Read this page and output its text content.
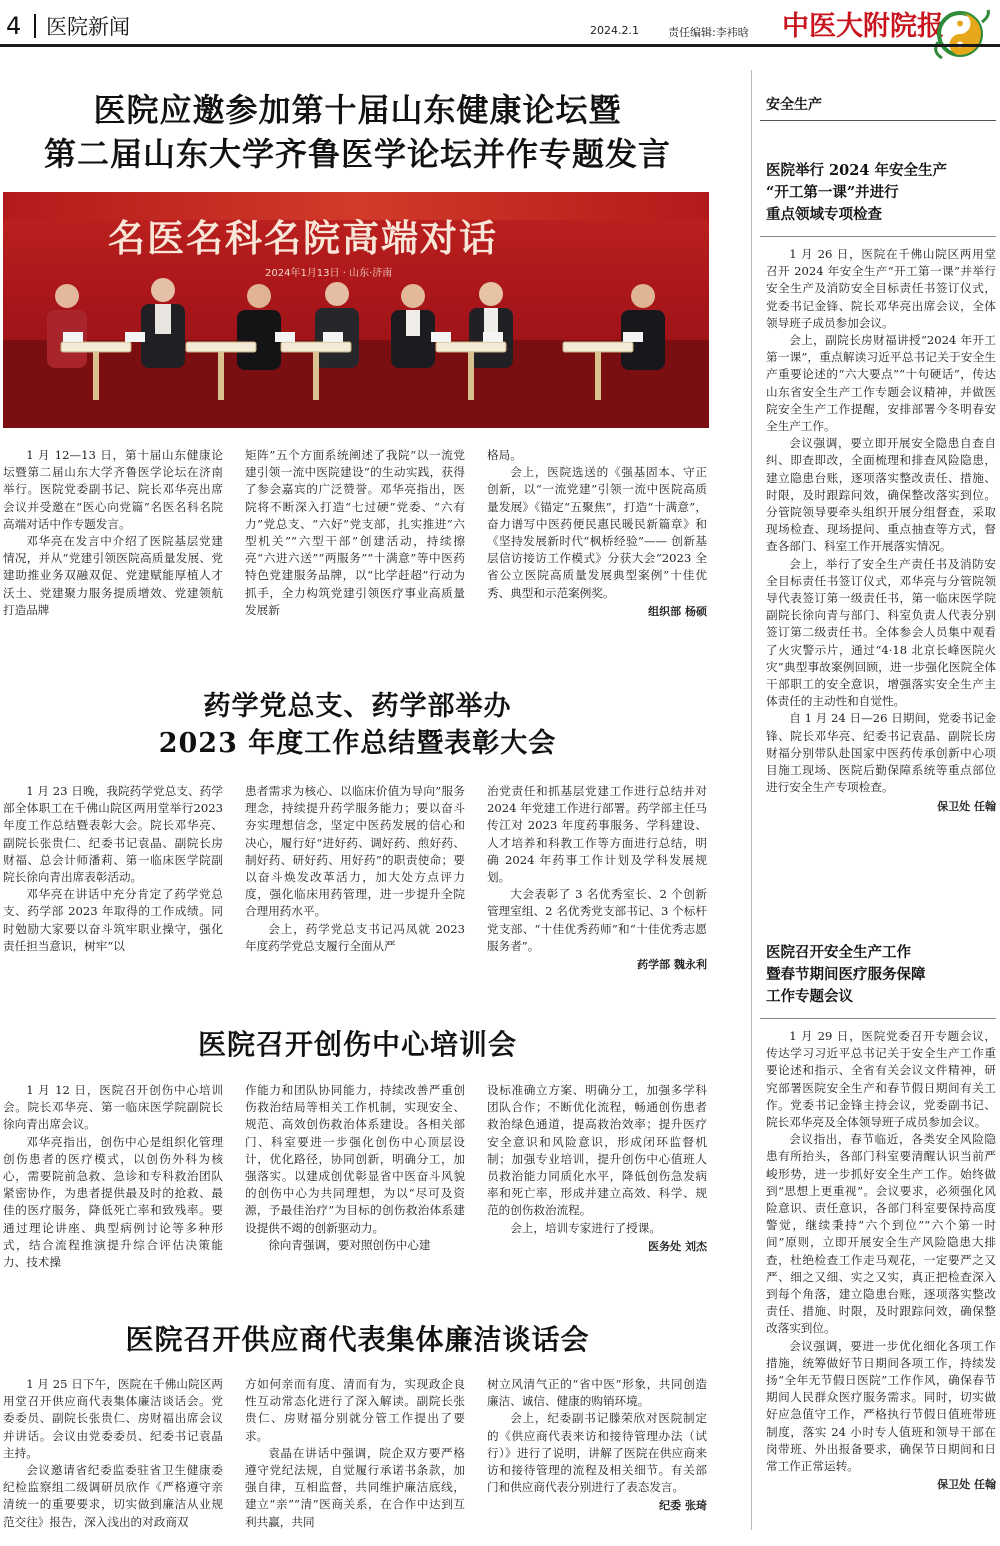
4 医院新闻	2024.2.1	责任编辑:李袆晗 中医大附院报
医院应邀参加第十届山东健康论坛暨
第二届山东大学齐鲁医学论坛并作专题发言
名医名科名院高端对话
2024年1月13日 · 山东·济南

1 月 12—13 日，第十届山东健康论坛暨第二届山东大学齐鲁医学论坛在济南举行。医院党委副书记、院长邓华亮出席会议并受邀在“医心向党篇”名医名科名院高端对话中作专题发言。

邓华亮在发言中介绍了医院基层党建情况，并从“党建引领医院高质量发展、党建助推业务双融双促、党建赋能厚植人才沃土、党建聚力服务提质增效、党建领航打造品牌

矩阵”五个方面系统阐述了我院“以一流党建引领一流中医院建设”的生动实践，获得了参会嘉宾的广泛赞誉。邓华亮指出，医院将不断深入打造“七过硬”党委、“六有力”党总支、“六好”党支部，扎实推进“六型机关”“六型干部”创建活动，持续擦亮“六进六送”“两服务”“十满意”等中医药特色党建服务品牌，以“比学赶超”行动为抓手，全力构筑党建引领医疗事业高质量发展新

格局。

会上，医院选送的《强基固本、守正创新，以“一流党建”引领一流中医院高质量发展》《锚定“五聚焦”，打造“十满意”，奋力谱写中医药便民惠民暖民新篇章》和《坚持发展新时代“枫桥经验”—— 创新基层信访接访工作模式》分获大会“2023 全省公立医院高质量发展典型案例”十佳优秀、典型和示范案例奖。

组织部 杨硕
药学党总支、药学部举办
2023 年度工作总结暨表彰大会

1 月 23 日晚，我院药学党总支、药学部全体职工在千佛山院区两用堂举行2023 年度工作总结暨表彰大会。院长邓华亮、副院长张贵仁、纪委书记袁晶、副院长房财福、总会计师潘莉、第一临床医学院副院长徐向青出席表彰活动。

邓华亮在讲话中充分肯定了药学党总支、药学部 2023 年取得的工作成绩。同时勉励大家要以奋斗筑牢职业操守，强化责任担当意识，树牢“以

患者需求为核心、以临床价值为导向”服务理念，持续提升药学服务能力；要以奋斗夯实理想信念，坚定中医药发展的信心和决心，履行好“进好药、调好药、煎好药、制好药、研好药、用好药”的职责使命；要以奋斗焕发改革活力，加大处方点评力度，强化临床用药管理，进一步提升全院合理用药水平。

会上，药学党总支书记冯凤就 2023 年度药学党总支履行全面从严

治党责任和抓基层党建工作进行总结并对 2024 年党建工作进行部署。药学部主任马传江对 2023 年度药事服务、学科建设、人才培养和科教工作等方面进行总结，明确 2024 年药事工作计划及学科发展规划。

大会表彰了 3 名优秀室长、2 个创新管理室组、2 名优秀党支部书记、3 个标杆党支部、“十佳优秀药师”和“十佳优秀志愿服务者”。

药学部 魏永利
医院召开创伤中心培训会

1 月 12 日，医院召开创伤中心培训会。院长邓华亮、第一临床医学院副院长徐向青出席会议。

邓华亮指出，创伤中心是组织化管理创伤患者的医疗模式，以创伤外科为核心，需要院前急救、急诊和专科救治团队紧密协作，为患者提供最及时的抢救、最佳的医疗服务，降低死亡率和致残率。要通过理论讲座、典型病例讨论等多种形式，结合流程推演提升综合评估决策能力、技术操

作能力和团队协同能力，持续改善严重创伤救治结局等相关工作机制，实现安全、规范、高效创伤救治体系建设。各相关部门、科室要进一步强化创伤中心顶层设计，优化路径，协同创新，明确分工，加强落实。以建成创优彰显省中医奋斗风貌的创伤中心为共同理想，为以“尽可及资源，予最佳治疗”为目标的创伤救治体系建设提供不竭的创新驱动力。

徐向青强调，要对照创伤中心建

设标准确立方案、明确分工，加强多学科团队合作；不断优化流程，畅通创伤患者救治绿色通道，提高救治效率；提升医疗安全意识和风险意识，形成闭环监督机制；加强专业培训，提升创伤中心值班人员救治能力同质化水平，降低创伤急发病率和死亡率，形成并建立高效、科学、规范的创伤救治流程。

会上，培训专家进行了授课。

医务处 刘杰
医院召开供应商代表集体廉洁谈话会

1 月 25 日下午，医院在千佛山院区两用堂召开供应商代表集体廉洁谈话会。党委委员、副院长张贵仁、房财福出席会议并讲话。会议由党委委员、纪委书记袁晶主持。

会议邀请省纪委监委驻省卫生健康委纪检监察组二级调研员欣作《严格遵守亲清统一的重要要求，切实做到廉洁从业规范交往》报告，深入浅出的对政商双

方如何亲而有度、清而有为，实现政企良性互动常态化进行了深入解读。副院长张贵仁、房财福分别就分管工作提出了要求。

袁晶在讲话中强调，院企双方要严格遵守党纪法规，自觉履行承诺书条款，加强自律，互相监督，共同维护廉洁底线，建立“亲”“清”医商关系，在合作中达到互利共赢，共同

树立风清气正的“省中医”形象，共同创造廉洁、诚信、健康的购销环境。

会上，纪委副书记滕荣欣对医院制定的《供应商代表来访和接待管理办法（试行）》进行了说明，讲解了医院在供应商来访和接待管理的流程及相关细节。有关部门和供应商代表分别进行了表态发言。

纪委 张琦
安全生产
医院举行 2024 年安全生产
“开工第一课”并进行
重点领域专项检查

1 月 26 日，医院在千佛山院区两用堂召开 2024 年安全生产“开工第一课”并举行安全生产及消防安全目标责任书签订仪式，党委书记金锋、院长邓华亮出席会议，全体领导班子成员参加会议。

会上，副院长房财福讲授“2024 年开工第一课”，重点解读习近平总书记关于安全生产重要论述的“六大要点”“十句硬话”，传达山东省安全生产工作专题会议精神，并做医院安全生产工作提醒，安排部署今冬明春安全生产工作。

会议强调，要立即开展安全隐患自查自纠、即查即改，全面梳理和排查风险隐患，建立隐患台账，逐项落实整改责任、措施、时限，及时跟踪问效，确保整改落实到位。分管院领导要牵头组织开展分组督查，采取现场检查、现场提问、重点抽查等方式，督查各部门、科室工作开展落实情况。

会上，举行了安全生产责任书及消防安全目标责任书签订仪式，邓华亮与分管院领导代表签订第一级责任书，第一临床医学院副院长徐向青与部门、科室负责人代表分别签订第二级责任书。全体参会人员集中观看了火灾警示片，通过“4·18 北京长峰医院火灾”典型事故案例回顾，进一步强化医院全体干部职工的安全意识，增强落实安全生产主体责任的主动性和自觉性。

自 1 月 24 日—26 日期间，党委书记金锋、院长邓华亮、纪委书记袁晶、副院长房财福分别带队赴国家中医药传承创新中心项目施工现场、医院后勤保障系统等重点部位进行安全生产专项检查。

保卫处 任翰
医院召开安全生产工作
暨春节期间医疗服务保障
工作专题会议

1 月 29 日，医院党委召开专题会议，传达学习习近平总书记关于安全生产工作重要论述和指示、全省有关会议文件精神，研究部署医院安全生产和春节假日期间有关工作。党委书记金锋主持会议，党委副书记、院长邓华亮及全体领导班子成员参加会议。

会议指出，春节临近，各类安全风险隐患有所抬头，各部门科室要清醒认识当前严峻形势，进一步抓好安全生产工作。始终做到“思想上更重视”。会议要求，必须强化风险意识、责任意识，各部门科室要保持高度警觉，继续秉持“六个到位”“六个第一时间”原则，立即开展安全生产风险隐患大排查，杜绝检查工作走马观花，一定要严之又严、细之又细、实之又实，真正把检查深入到每个角落，建立隐患台账，逐项落实整改责任、措施、时限，及时跟踪问效，确保整改落实到位。

会议强调，要进一步优化细化各项工作措施，统筹做好节日期间各项工作，持续发扬“全年无节假日医院”工作作风，确保春节期间人民群众医疗服务需求。同时，切实做好应急值守工作，严格执行节假日值班带班制度，落实 24 小时专人值班和领导干部在岗带班、外出报备要求，确保节日期间和日常工作正常运转。

保卫处 任翰
